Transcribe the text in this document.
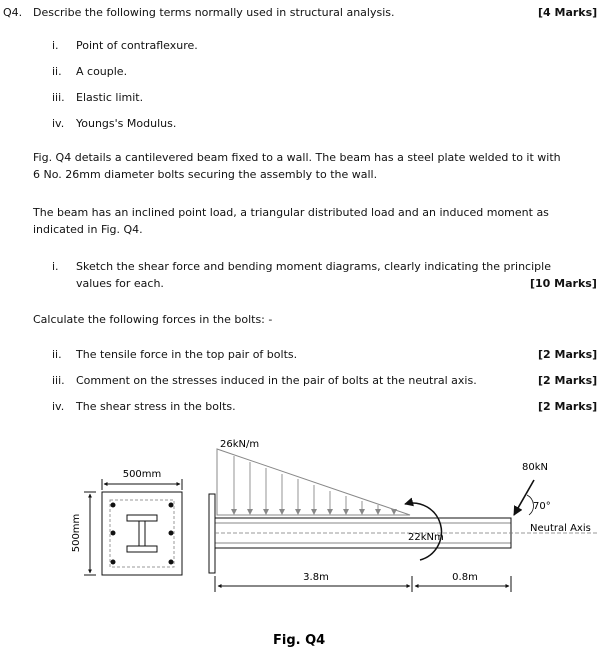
Q4. Describe the following terms normally used in structural analysis.	[4 Marks]
i. Point of contraflexure.
ii. A couple.
iii. Elastic limit.
iv. Youngs's Modulus.
Fig. Q4 details a cantilevered beam fixed to a wall. The beam has a steel plate welded to it with
6 No. 26mm diameter bolts securing the assembly to the wall.
The beam has an inclined point load, a triangular distributed load and an induced moment as
indicated in Fig. Q4.
i. Sketch the shear force and bending moment diagrams, clearly indicating the principle
values for each.	[10 Marks]
Calculate the following forces in the bolts: -
ii. The tensile force in the top pair of bolts.	[2 Marks]
iii. Comment on the stresses induced in the pair of bolts at the neutral axis.	[2 Marks]
iv. The shear stress in the bolts.	[2 Marks]
500mm
500mm
26kN/m
22kNm
80kN
70°
Neutral Axis
3.8m	0.8m
Fig. Q4
